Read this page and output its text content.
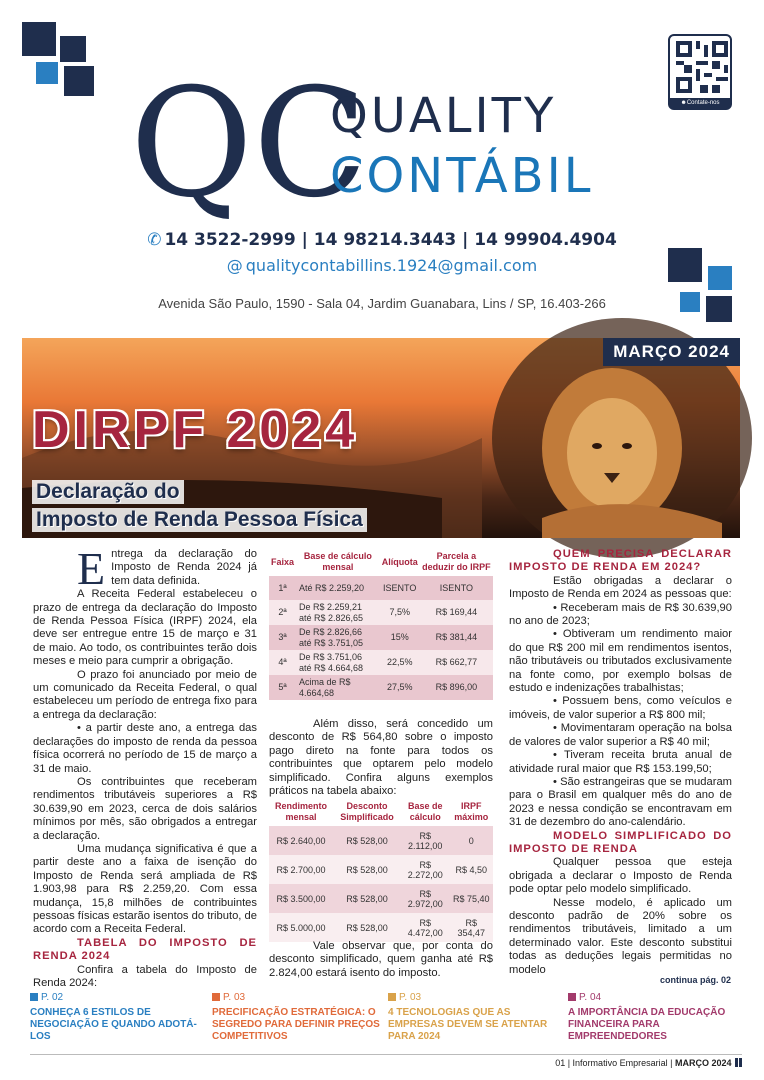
QC
QUALITY
CONTÁBIL
☻Contate-nos
✆ 14 3522-2999 | 14 98214.3443 | 14 99904.4904
@ qualitycontabillins.1924@gmail.com
Avenida São Paulo, 1590 - Sala 04, Jardim Guanabara, Lins / SP, 16.403-266
MARÇO 2024
DIRPF 2024
Declaração do
Imposto de Renda Pessoa Física

Entrega da declaração do Imposto de Renda 2024 já tem data definida.

A Receita Federal estabeleceu o prazo de entrega da declaração do Imposto de Renda Pessoa Física (IRPF) 2024, ela deve ser entregue entre 15 de março e 31 de maio. Ao todo, os contribuintes terão dois meses e meio para cumprir a obrigação.

O prazo foi anunciado por meio de um comunicado da Receita Federal, o qual estabeleceu um período de entrega fixo para a entrega da declaração:

• a partir deste ano, a entrega das declarações do imposto de renda da pessoa física ocorrerá no período de 15 de março a 31 de maio.

Os contribuintes que receberam rendimentos tributáveis superiores a R$ 30.639,90 em 2023, cerca de dois salários mínimos por mês, são obrigados a entregar a declaração.

Uma mudança significativa é que a partir deste ano a faixa de isenção do Imposto de Renda será ampliada de R$ 1.903,98 para R$ 2.259,20. Com essa mudança, 15,8 milhões de contribuintes pessoas físicas estarão isentos do tributo, de acordo com a Receita Federal.

TABELA DO IMPOSTO DE RENDA 2024

Confira a tabela do Imposto de Renda 2024:

Faixa	Base de cálculo mensal	Alíquota	Parcela a deduzir do IRPF
1ª	Até R$ 2.259,20	ISENTO	ISENTO
2ª	De R$ 2.259,21 até R$ 2.826,65	7,5%	R$ 169,44
3ª	De R$ 2.826,66 até R$ 3.751,05	15%	R$ 381,44
4ª	De R$ 3.751,06 até R$ 4.664,68	22,5%	R$ 662,77
5ª	Acima de R$ 4.664,68	27,5%	R$ 896,00

Além disso, será concedido um desconto de R$ 564,80 sobre o imposto pago direto na fonte para todos os contribuintes que optarem pelo modelo simplificado. Confira alguns exemplos práticos na tabela abaixo:

Rendimento mensal	Desconto Simplificado	Base de cálculo	IRPF máximo
R$ 2.640,00	R$ 528,00	R$ 2.112,00	0
R$ 2.700,00	R$ 528,00	R$ 2.272,00	R$ 4,50
R$ 3.500,00	R$ 528,00	R$ 2.972,00	R$ 75,40
R$ 5.000,00	R$ 528,00	R$ 4.472,00	R$ 354,47

Vale observar que, por conta do desconto simplificado, quem ganha até R$ 2.824,00 estará isento do imposto.

QUEM PRECISA DECLARAR IMPOSTO DE RENDA EM 2024?

Estão obrigadas a declarar o Imposto de Renda em 2024 as pessoas que:

• Receberam mais de R$ 30.639,90 no ano de 2023;

• Obtiveram um rendimento maior do que R$ 200 mil em rendimentos isentos, não tributáveis ou tributados exclusivamente na fonte como, por exemplo bolsas de estudo e indenizações trabalhistas;

• Possuem bens, como veículos e imóveis, de valor superior a R$ 800 mil;

• Movimentaram operação na bolsa de valores de valor superior a R$ 40 mil;

• Tiveram receita bruta anual de atividade rural maior que R$ 153.199,50;

• São estrangeiras que se mudaram para o Brasil em qualquer mês do ano de 2023 e nessa condição se encontravam em 31 de dezembro do ano-calendário.

MODELO SIMPLIFICADO DO IMPOSTO DE RENDA

Qualquer pessoa que esteja obrigada a declarar o Imposto de Renda pode optar pelo modelo simplificado.

Nesse modelo, é aplicado um desconto padrão de 20% sobre os rendimentos tributáveis, limitado a um determinado valor. Este desconto substitui todas as deduções legais permitidas no modelo

continua pág. 02
P. 02
CONHEÇA 6 ESTILOS DE NEGOCIAÇÃO E QUANDO ADOTÁ-LOS
P. 03
PRECIFICAÇÃO ESTRATÉGICA: O SEGREDO PARA DEFINIR PREÇOS COMPETITIVOS
P. 03
4 TECNOLOGIAS QUE AS EMPRESAS DEVEM SE ATENTAR PARA 2024
P. 04
A IMPORTÂNCIA DA EDUCAÇÃO FINANCEIRA PARA EMPREENDEDORES
01 | Informativo Empresarial | MARÇO 2024
